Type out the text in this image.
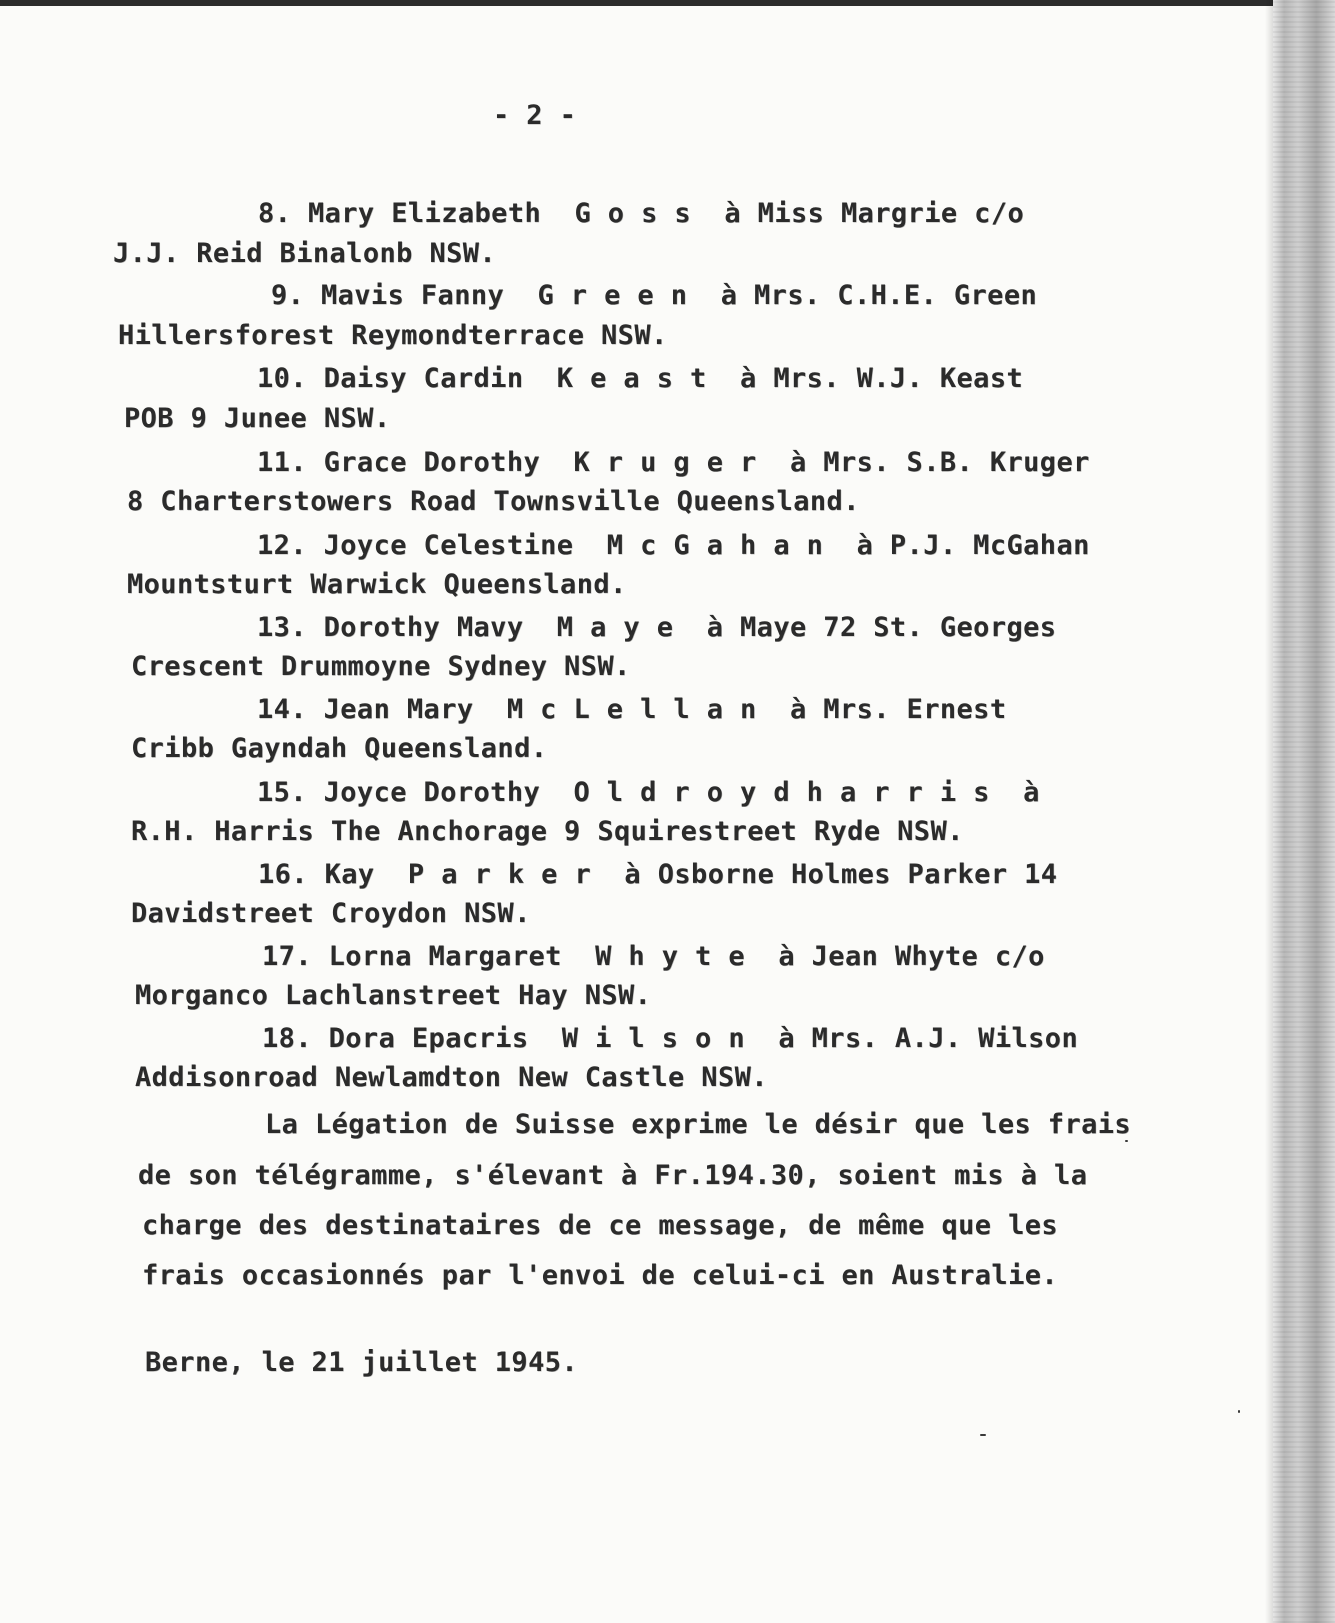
- 2 -
8. Mary Elizabeth  G o s s  à Miss Margrie c/o
J.J. Reid Binalonb NSW.
9. Mavis Fanny  G r e e n  à Mrs. C.H.E. Green
Hillersforest Reymondterrace NSW.
10. Daisy Cardin  K e a s t  à Mrs. W.J. Keast
POB 9 Junee NSW.
11. Grace Dorothy  K r u g e r  à Mrs. S.B. Kruger
8 Charterstowers Road Townsville Queensland.
12. Joyce Celestine  M c G a h a n  à P.J. McGahan
Mountsturt Warwick Queensland.
13. Dorothy Mavy  M a y e  à Maye 72 St. Georges
Crescent Drummoyne Sydney NSW.
14. Jean Mary  M c L e l l a n  à Mrs. Ernest
Cribb Gayndah Queensland.
15. Joyce Dorothy  O l d r o y d h a r r i s  à
R.H. Harris The Anchorage 9 Squirestreet Ryde NSW.
16. Kay  P a r k e r  à Osborne Holmes Parker 14
Davidstreet Croydon NSW.
17. Lorna Margaret  W h y t e  à Jean Whyte c/o
Morganco Lachlanstreet Hay NSW.
18. Dora Epacris  W i l s o n  à Mrs. A.J. Wilson
Addisonroad Newlamdton New Castle NSW.
La Légation de Suisse exprime le désir que les frais
de son télégramme, s'élevant à Fr.194.30, soient mis à la
charge des destinataires de ce message, de même que les
frais occasionnés par l'envoi de celui-ci en Australie.
Berne, le 21 juillet 1945.
